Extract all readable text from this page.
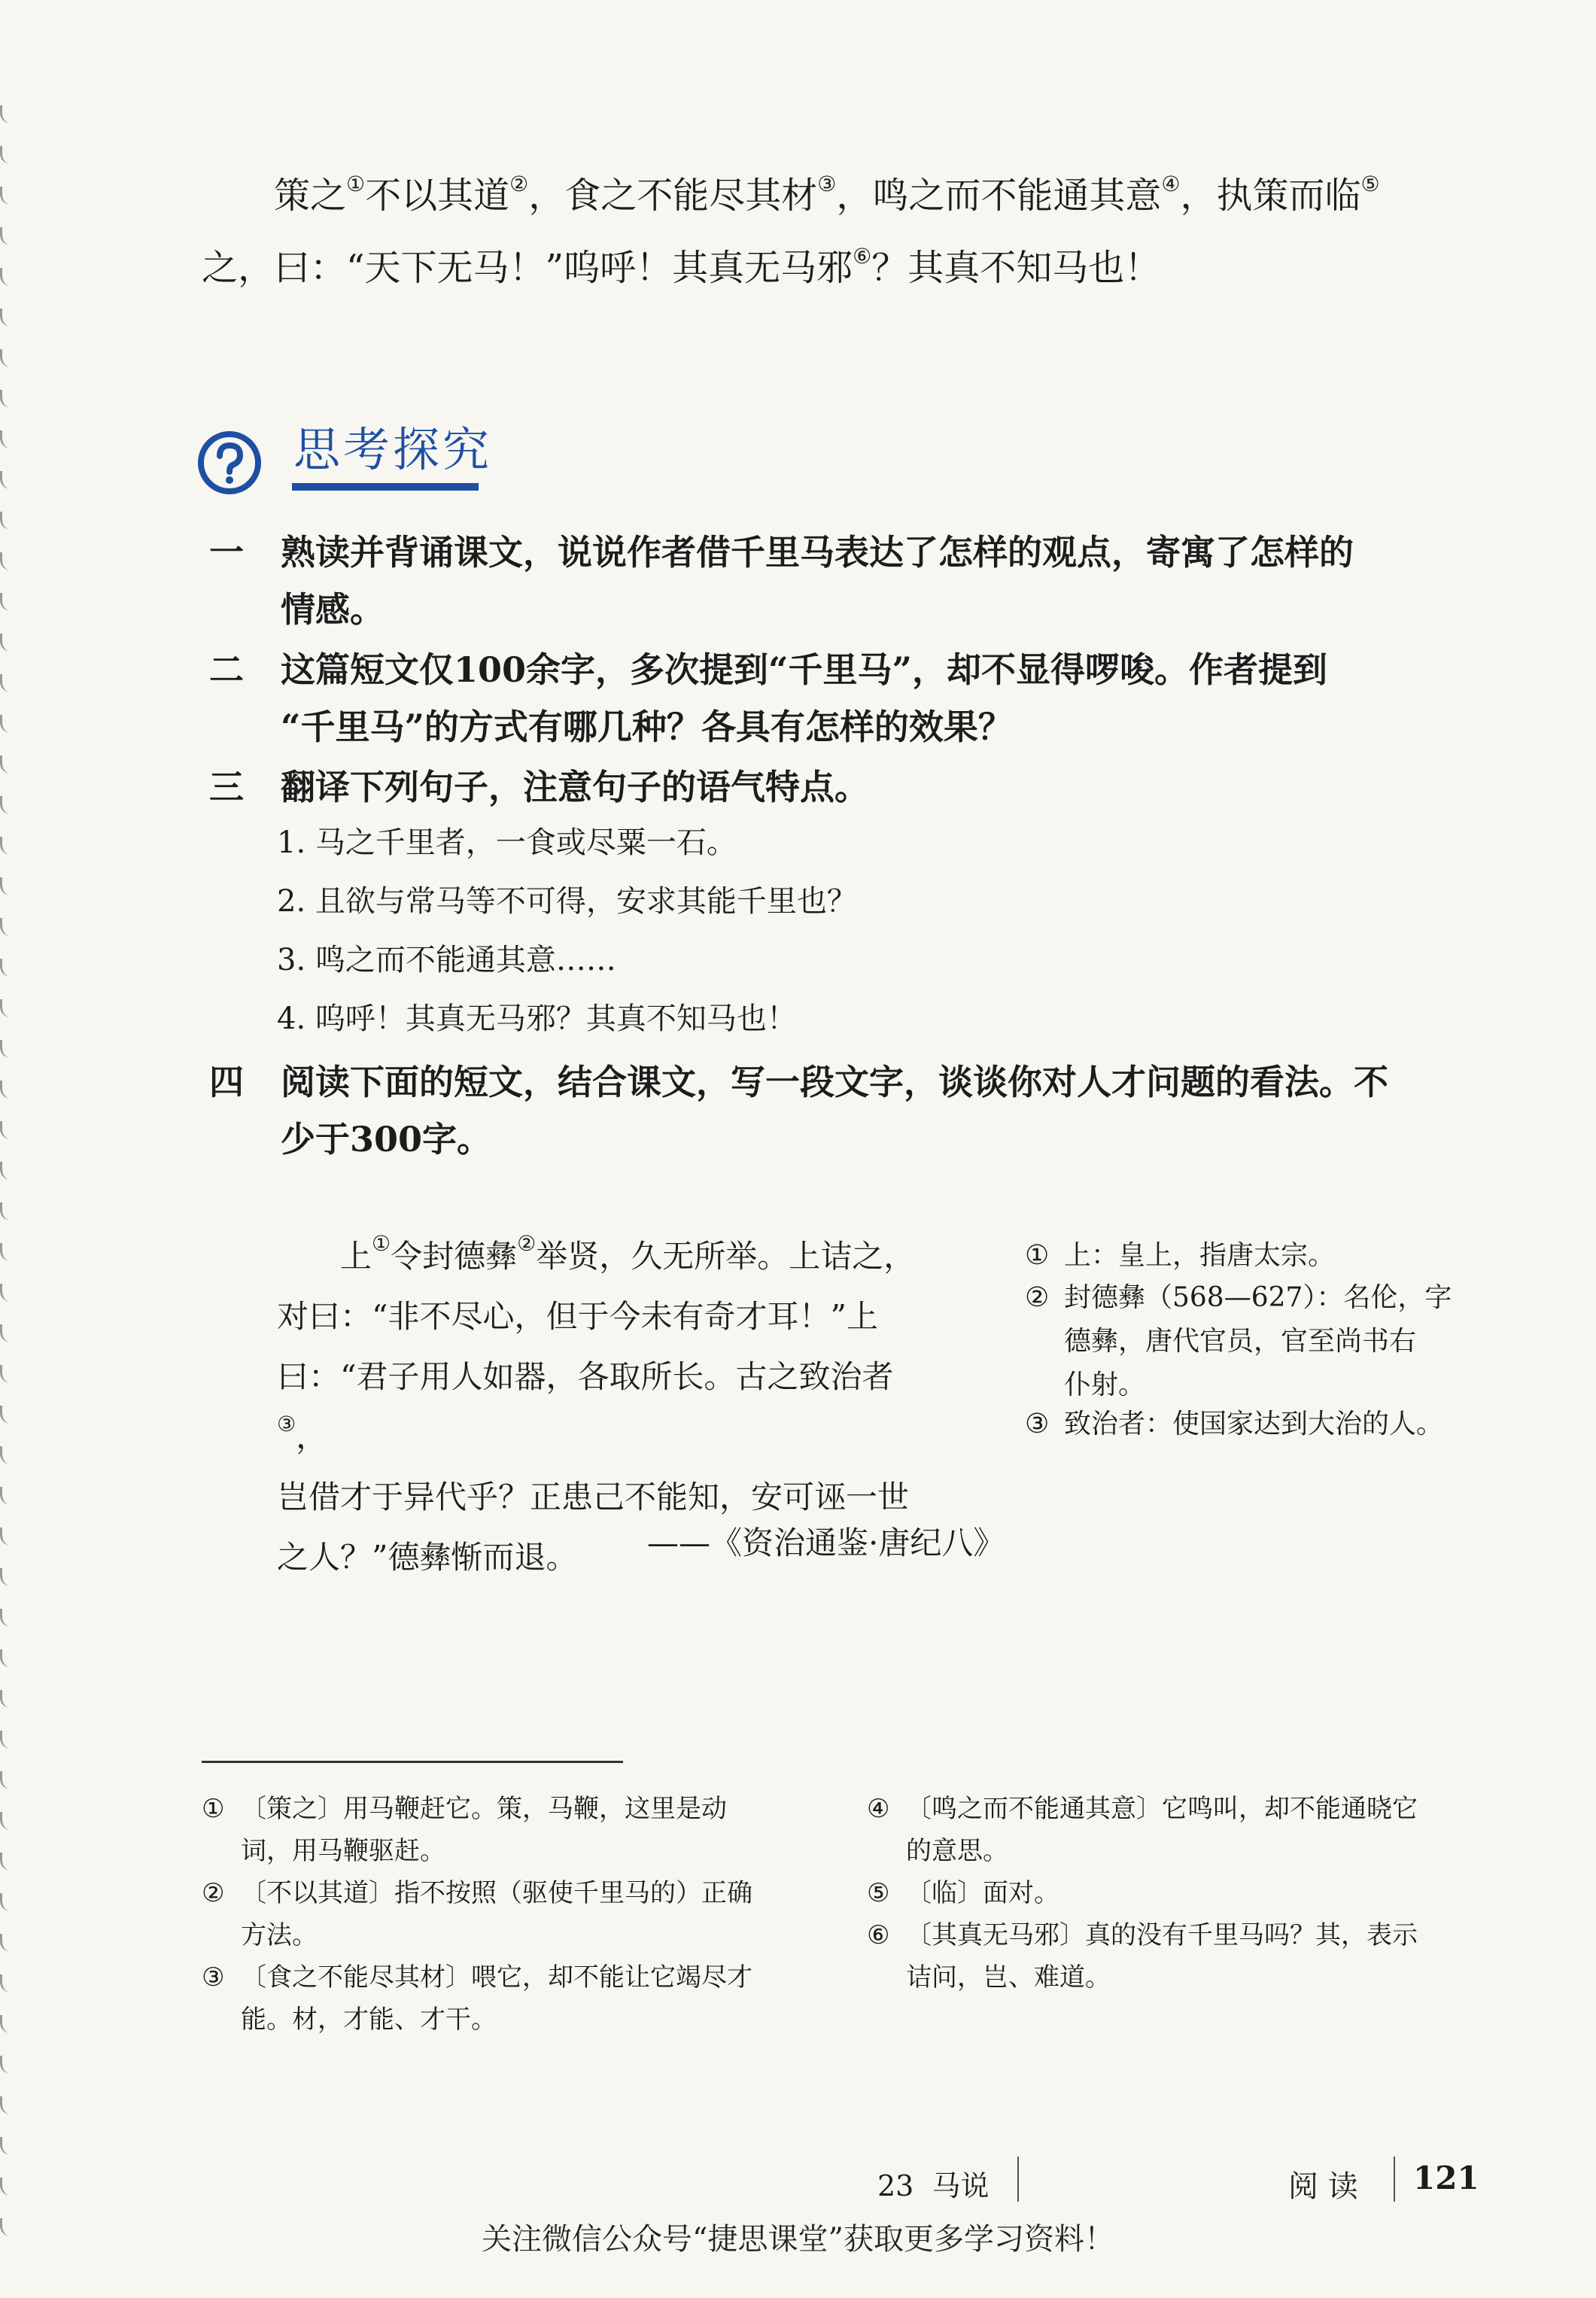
策之①不以其道②，食之不能尽其材③，鸣之而不能通其意④，执策而临⑤
之，曰：“天下无马！”呜呼！其真无马邪⑥？其真不知马也！
思考探究
一	熟读并背诵课文，说说作者借千里马表达了怎样的观点，寄寓了怎样的
情感。
二	这篇短文仅100余字，多次提到“千里马”，却不显得啰唆。作者提到
“千里马”的方式有哪几种？各具有怎样的效果？
三	翻译下列句子，注意句子的语气特点。
1. 马之千里者，一食或尽粟一石。
2. 且欲与常马等不可得，安求其能千里也？
3. 鸣之而不能通其意……
4. 呜呼！其真无马邪？其真不知马也！
四	阅读下面的短文，结合课文，写一段文字，谈谈你对人才问题的看法。不
少于300字。
上①令封德彝②举贤，久无所举。上诘之，
对曰：“非不尽心，但于今未有奇才耳！”上
曰：“君子用人如器，各取所长。古之致治者③，
岂借才于异代乎？正患己不能知，安可诬一世
之人？”德彝惭而退。	——《资治通鉴·唐纪八》
① 上：皇上，指唐太宗。
② 封德彝（568—627）：名伦，字
德彝，唐代官员，官至尚书右
仆射。
③ 致治者：使国家达到大治的人。
① 〔策之〕用马鞭赶它。策，马鞭，这里是动
词，用马鞭驱赶。
② 〔不以其道〕指不按照（驱使千里马的）正确
方法。
③ 〔食之不能尽其材〕喂它，却不能让它竭尽才
能。材，才能、才干。
④ 〔鸣之而不能通其意〕它鸣叫，却不能通晓它
的意思。
⑤ 〔临〕面对。
⑥ 〔其真无马邪〕真的没有千里马吗？其，表示
诘问，岂、难道。
23  马说	阅 读 121
关注微信公众号“捷思课堂”获取更多学习资料！
